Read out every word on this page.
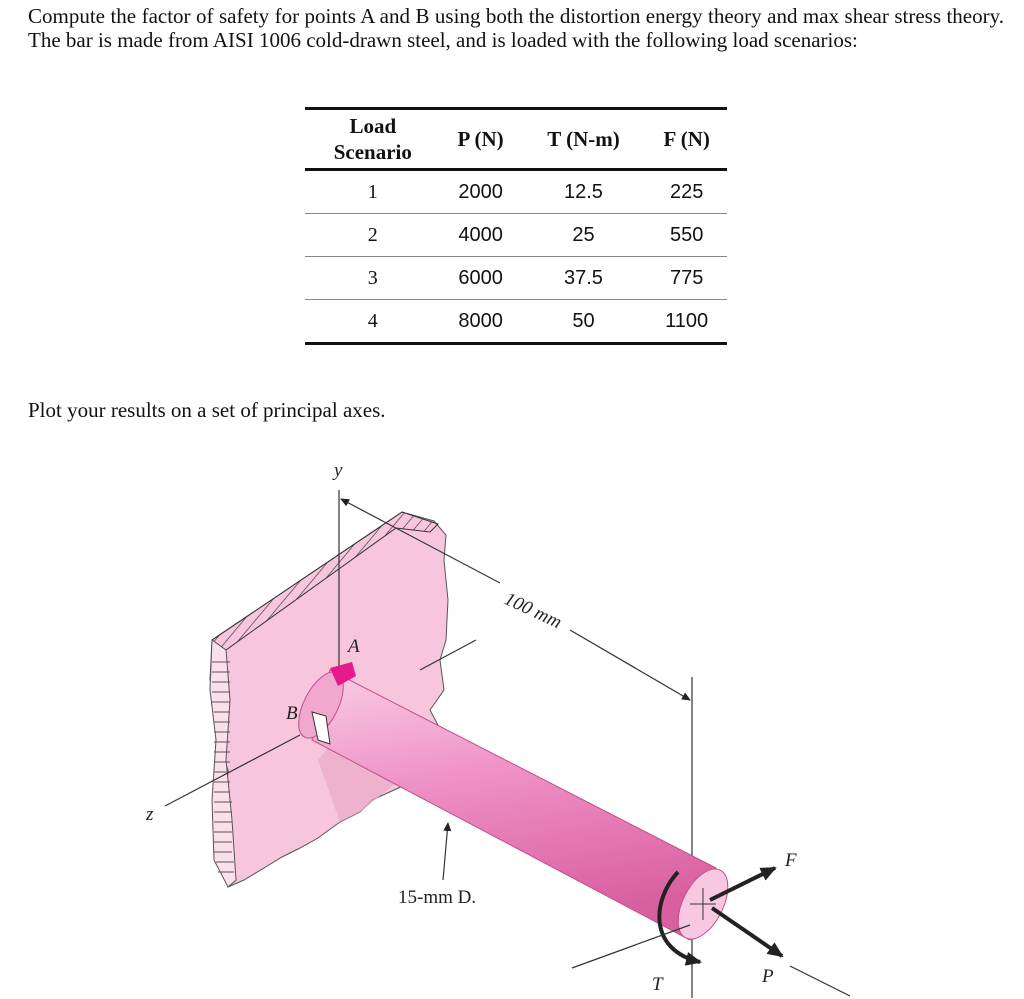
Compute the factor of safety for points A and B using both the distortion energy theory and max shear stress theory. The bar is made from AISI 1006 cold-drawn steel, and is loaded with the following load scenarios:

Load
Scenario	P (N)	T (N-m)	F (N)
1	2000	12.5	225
2	4000	25	550
3	6000	37.5	775
4	8000	50	1100

Plot your results on a set of principal axes.

y
z
A
B
100 mm
15-mm D.
F
T	P
